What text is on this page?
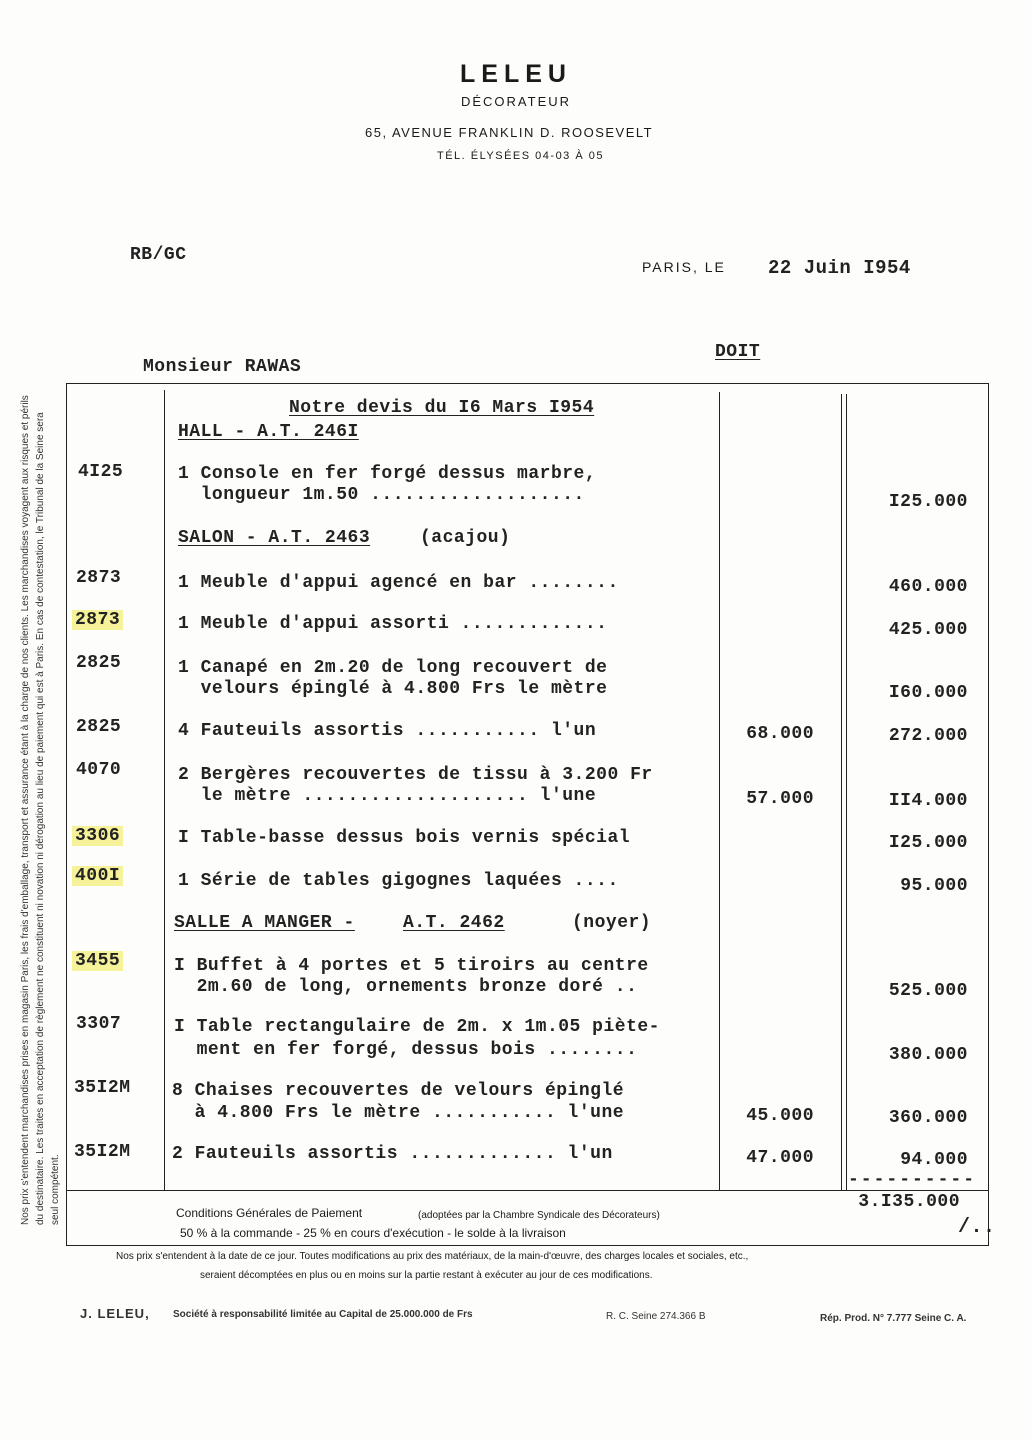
LELEU
DÉCORATEUR
65, AVENUE FRANKLIN D. ROOSEVELT
TÉL. ÉLYSÉES 04-03 À 05
RB/GC
PARIS, LE 22 Juin I954
Monsieur RAWAS
DOIT
Nos prix s'entendent marchandises prises en magasin Paris, les frais d'emballage, transport et assurance étant à la charge de nos clients. Les marchandises voyagent aux risques et périls du destinataire. Les traites en acceptation de règlement ne constituent ni novation ni dérogation au lieu de paiement qui est à Paris. En cas de contestation, le Tribunal de la Seine sera seul compétent.
Notre devis du I6 Mars I954
HALL - A.T. 246I
SALON - A.T. 2463	(acajou)
SALLE A MANGER -	A.T. 2462	(noyer)
4I25	1 Console en fer forgé dessus marbre,
longueur 1m.50 ...................	I25.000
2873	1 Meuble d'appui agencé en bar ........	460.000
2873	1 Meuble d'appui assorti .............	425.000
2825	1 Canapé en 2m.20 de long recouvert de
velours épinglé à 4.800 Frs le mètre	I60.000
2825	4 Fauteuils assortis ........... l'un	68.000	272.000
4070	2 Bergères recouvertes de tissu à 3.200 Fr
le mètre .................... l'une	57.000	II4.000
3306	I Table-basse dessus bois vernis spécial	I25.000
400I	1 Série de tables gigognes laquées ....	95.000
3455	I Buffet à 4 portes et 5 tiroirs au centre
2m.60 de long, ornements bronze doré ..	525.000
3307	I Table rectangulaire de 2m. x 1m.05 piète-
ment en fer forgé, dessus bois ........	380.000
35I2M 8 Chaises recouvertes de velours épinglé
à 4.800 Frs le mètre ........... l'une	45.000	360.000
35I2M 2 Fauteuils assortis ............. l'un	47.000	94.000
----------
3.I35.000
/..
Conditions Générales de Paiement	(adoptées par la Chambre Syndicale des Décorateurs)
50 % à la commande - 25 % en cours d'exécution - le solde à la livraison
Nos prix s'entendent à la date de ce jour. Toutes modifications au prix des matériaux, de la main-d'œuvre, des charges locales et sociales, etc.,
seraient décomptées en plus ou en moins sur la partie restant à exécuter au jour de ces modifications.
J. LELEU, Société à responsabilité limitée au Capital de 25.000.000 de Frs	R. C. Seine 274.366 B	Rép. Prod. N° 7.777 Seine C. A.
